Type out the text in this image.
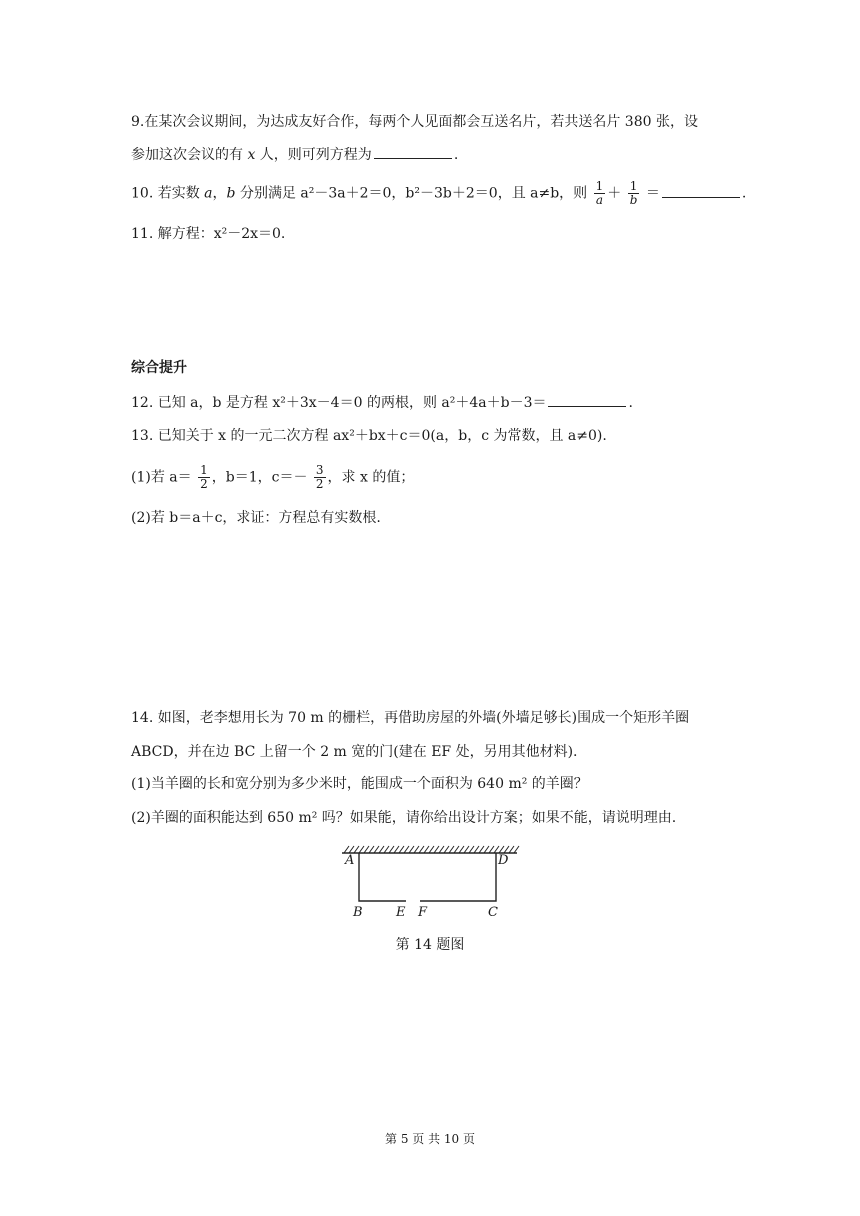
9.在某次会议期间，为达成友好合作，每两个人见面都会互送名片，若共送名片 380 张，设
参加这次会议的有 x 人，则可列方程为	.
10. 若实数 a，b 分别满足 a²－3a＋2＝0，b²－3b＋2＝0，且 a≠b，则 $\frac{1}{a} + \frac{1}{b}$ ＝	.
11. 解方程：x²－2x＝0.
综合提升
12. 已知 a，b 是方程 x²＋3x－4＝0 的两根，则 a²＋4a＋b－3＝	.
13. 已知关于 x 的一元二次方程 ax²＋bx＋c＝0(a，b，c 为常数，且 a≠0).
(1)若 $a= \frac{1}{2}$ ，b＝1，$c=- \frac{3}{2}$ ，求 x 的值；
(2)若 b＝a＋c，求证：方程总有实数根.
14. 如图，老李想用长为 70 m 的栅栏，再借助房屋的外墙(外墙足够长)围成一个矩形羊圈
ABCD，并在边 BC 上留一个 2 m 宽的门(建在 EF 处，另用其他材料).
(1)当羊圈的长和宽分别为多少米时，能围成一个面积为 640 m² 的羊圈？
(2)羊圈的面积能达到 650 m² 吗？如果能，请你给出设计方案；如果不能，请说明理由.
A	D
B	E F	C
第 14 题图
第 5 页 共 10 页
